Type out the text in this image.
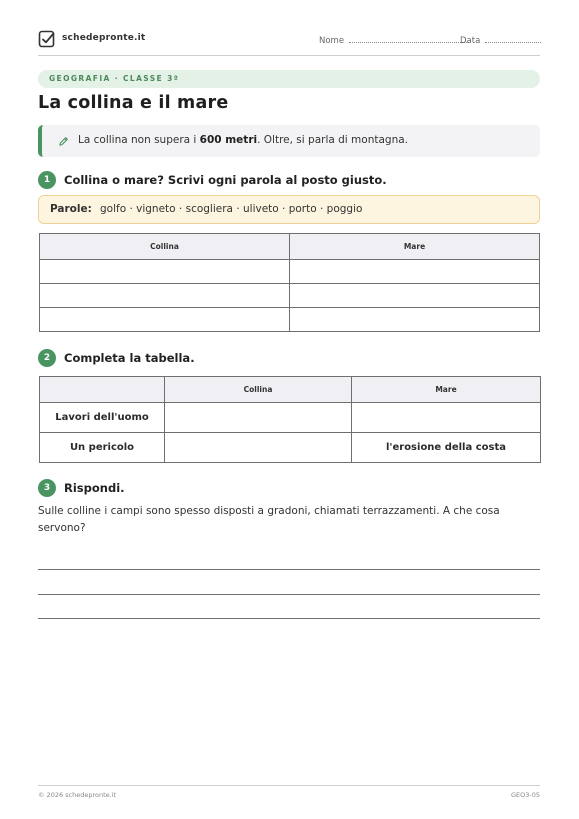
schedepronte.it	Nome	Data
GEOGRAFIA · CLASSE 3ª
La collina e il mare
La collina non supera i 600 metri. Oltre, si parla di montagna.
1	Collina o mare? Scrivi ogni parola al posto giusto.
Parole: golfo · vigneto · scogliera · uliveto · porto · poggio
Collina	Mare

2	Completa la tabella.
	Collina	Mare
Lavori dell'uomo		
Un pericolo		l'erosione della costa
3	Rispondi.
Sulle colline i campi sono spesso disposti a gradoni, chiamati terrazzamenti. A che cosa servono?
© 2026 schedepronte.it	GEO3-05
